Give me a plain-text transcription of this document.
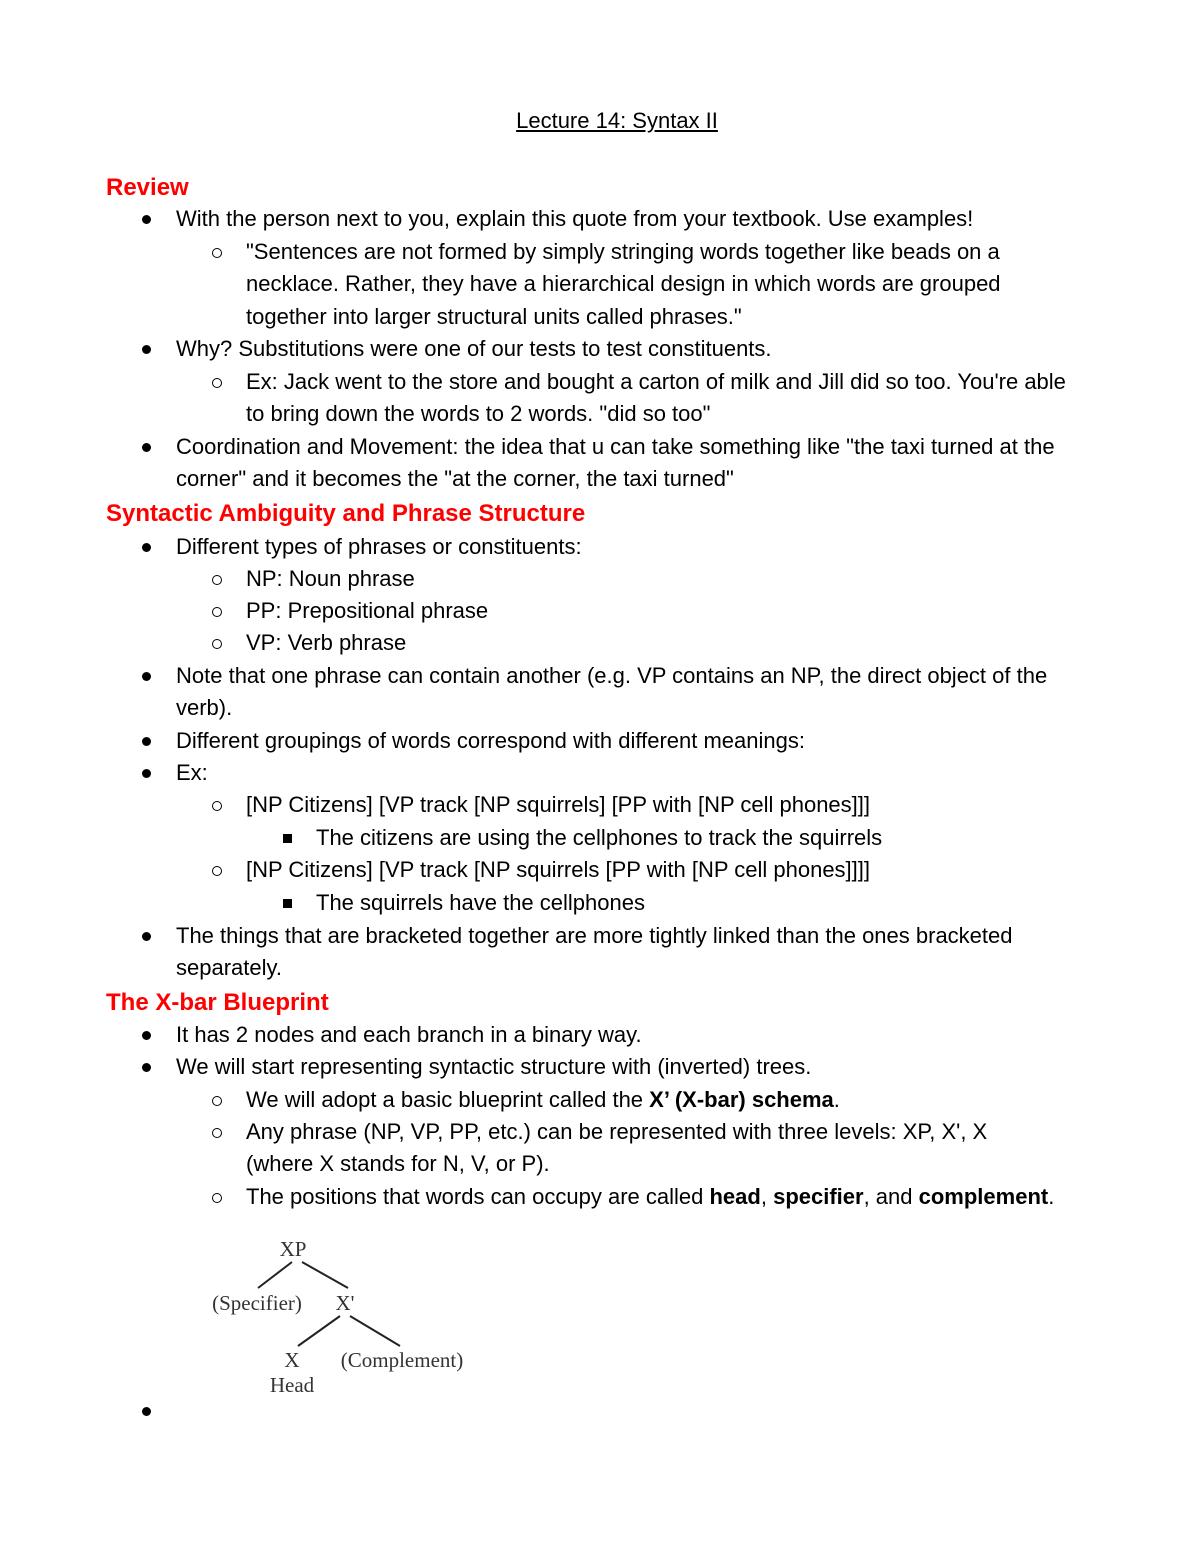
Lecture 14: Syntax II
Review
With the person next to you, explain this quote from your textbook. Use examples!
"Sentences are not formed by simply stringing words together like beads on a
necklace. Rather, they have a hierarchical design in which words are grouped
together into larger structural units called phrases."
Why? Substitutions were one of our tests to test constituents.
Ex: Jack went to the store and bought a carton of milk and Jill did so too. You're able
to bring down the words to 2 words. "did so too"
Coordination and Movement: the idea that u can take something like "the taxi turned at the
corner" and it becomes the "at the corner, the taxi turned"
Syntactic Ambiguity and Phrase Structure
Different types of phrases or constituents:
NP: Noun phrase
PP: Prepositional phrase
VP: Verb phrase
Note that one phrase can contain another (e.g. VP contains an NP, the direct object of the
verb).
Different groupings of words correspond with different meanings:
Ex:
[NP Citizens] [VP track [NP squirrels] [PP with [NP cell phones]]]
The citizens are using the cellphones to track the squirrels
[NP Citizens] [VP track [NP squirrels [PP with [NP cell phones]]]]
The squirrels have the cellphones
The things that are bracketed together are more tightly linked than the ones bracketed
separately.
The X-bar Blueprint
It has 2 nodes and each branch in a binary way.
We will start representing syntactic structure with (inverted) trees.
We will adopt a basic blueprint called the X’ (X-bar) schema.
Any phrase (NP, VP, PP, etc.) can be represented with three levels: XP, X', X
(where X stands for N, V, or P).
The positions that words can occupy are called head, specifier, and complement.
XP
(Specifier) X'
X (Complement)
Head
